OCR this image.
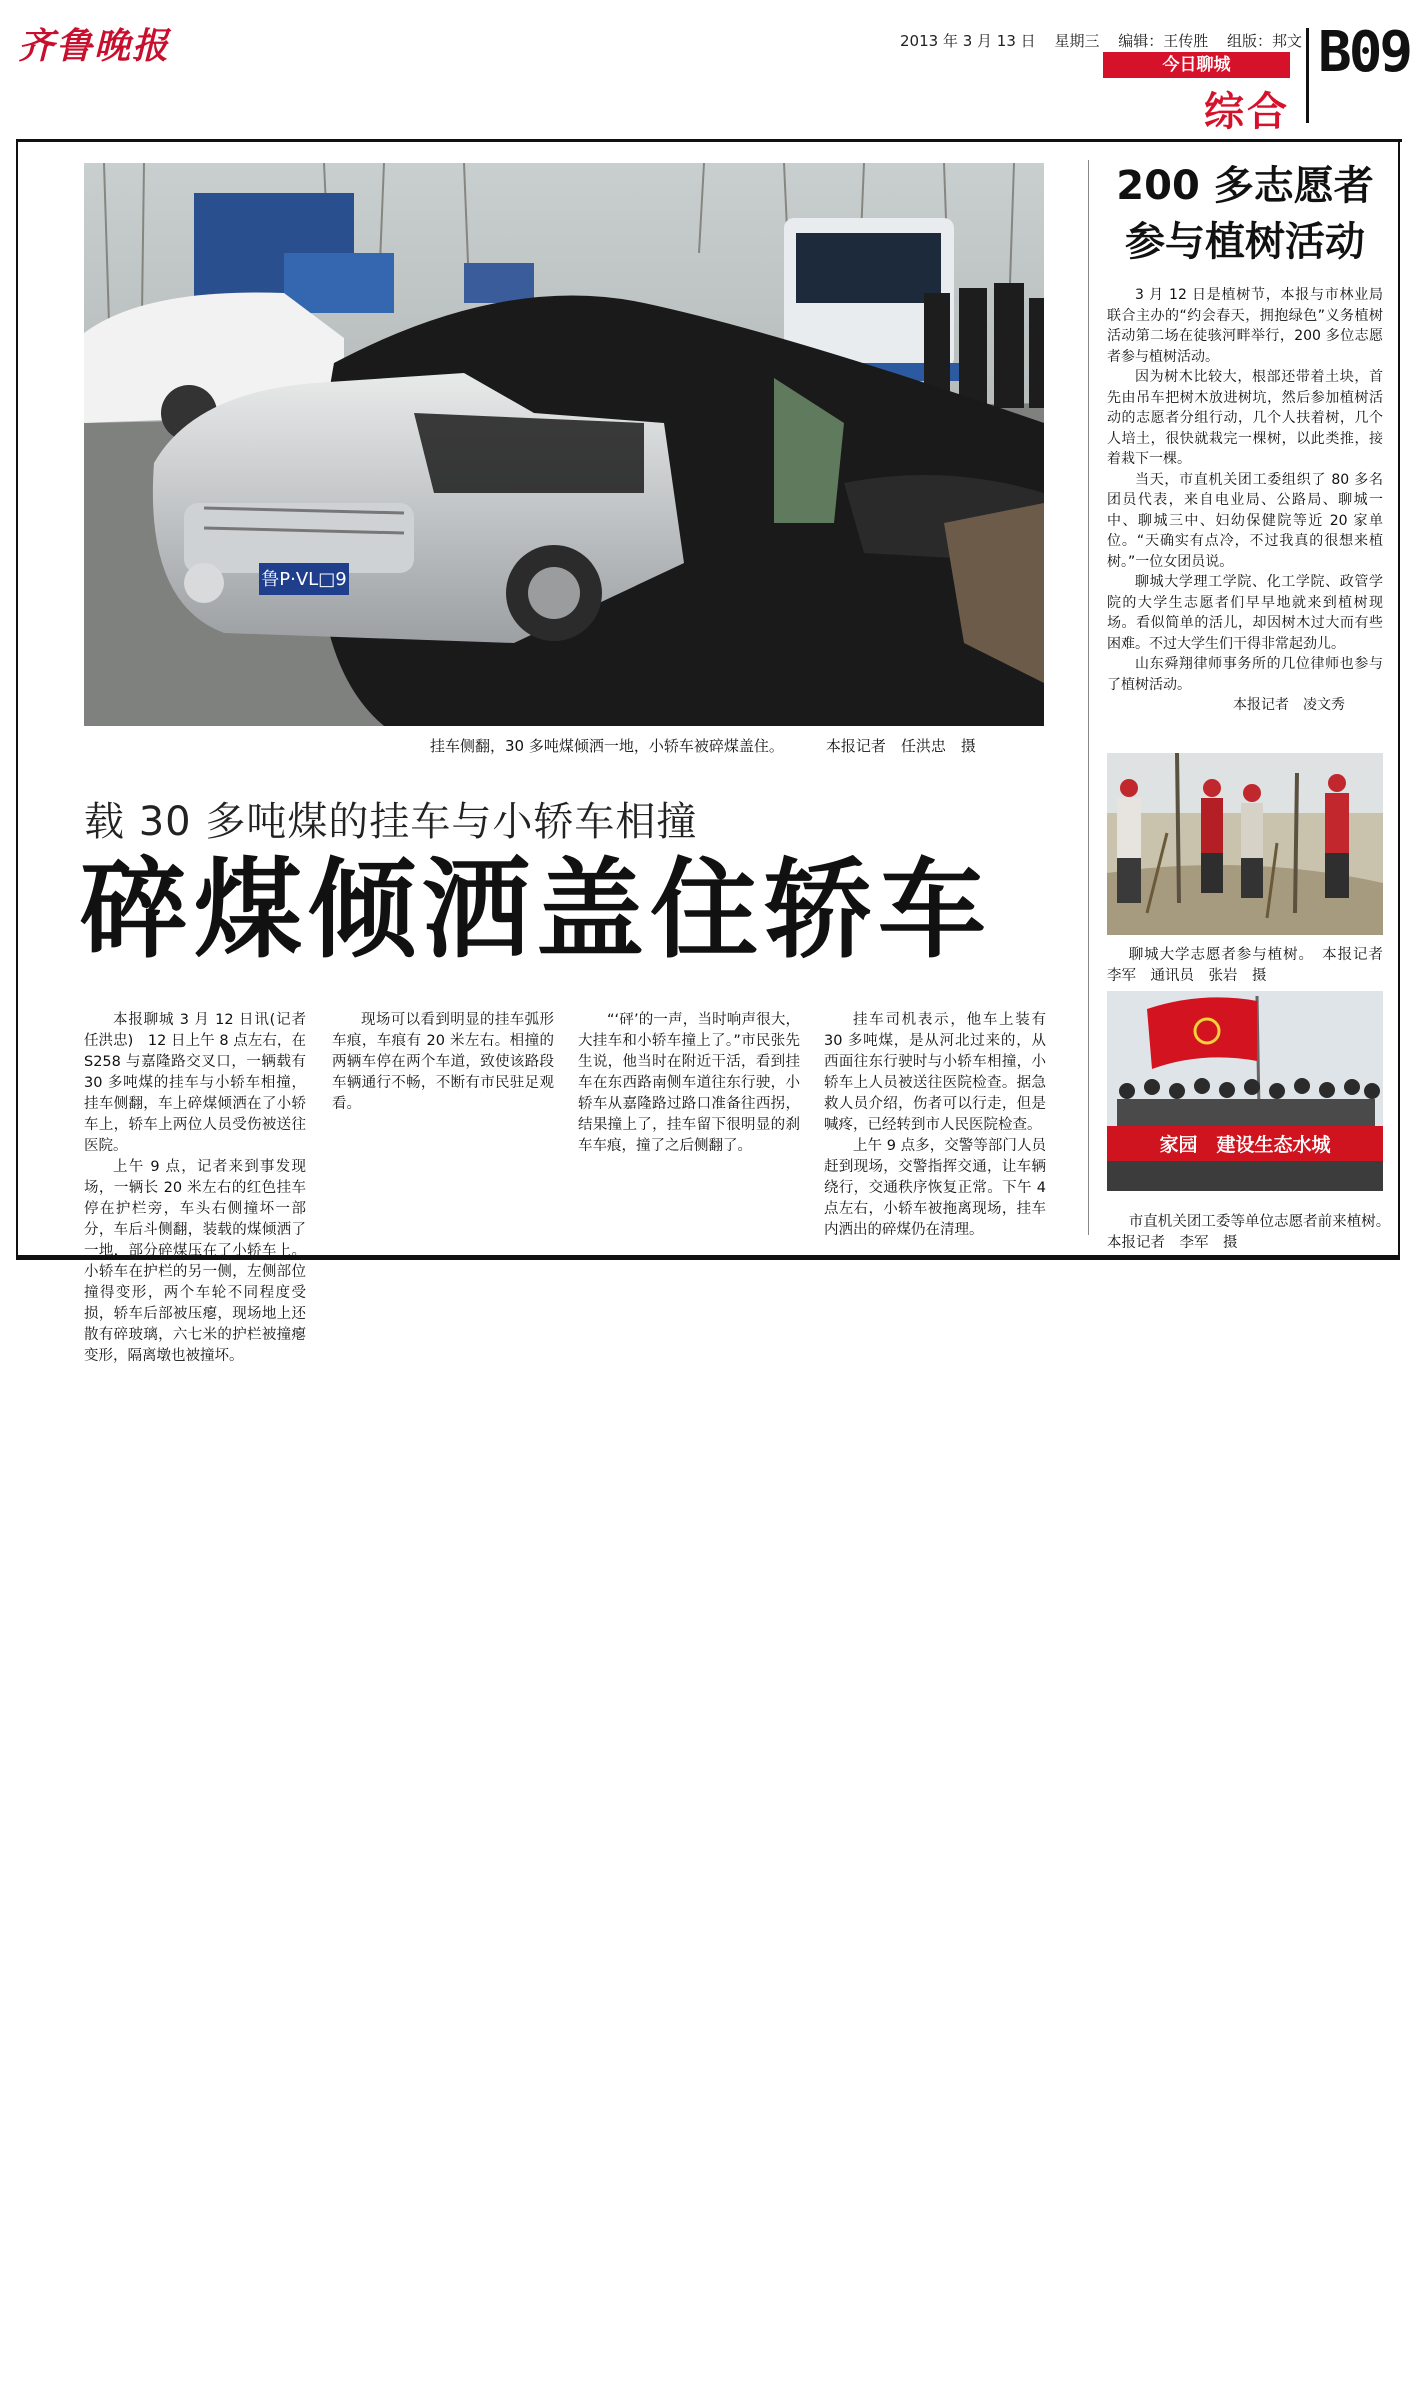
齐鲁晚报	2013 年 3 月 13 日 星期三 编辑：王传胜 组版：邦文
今日聊城
综合
B09
鲁P·VL□9
挂车侧翻，30 多吨煤倾洒一地，小轿车被碎煤盖住。	本报记者　任洪忠　摄
载 30 多吨煤的挂车与小轿车相撞
碎煤倾洒盖住轿车

本报聊城 3 月 12 日讯(记者　任洪忠)　12 日上午 8 点左右，在 S258 与嘉隆路交叉口，一辆载有 30 多吨煤的挂车与小轿车相撞，挂车侧翻，车上碎煤倾洒在了小轿车上，轿车上两位人员受伤被送往医院。

上午 9 点，记者来到事发现场，一辆长 20 米左右的红色挂车停在护栏旁，车头右侧撞坏一部分，车后斗侧翻，装载的煤倾洒了一地，部分碎煤压在了小轿车上。小轿车在护栏的另一侧，左侧部位撞得变形，两个车轮不同程度受损，轿车后部被压瘪，现场地上还散有碎玻璃，六七米的护栏被撞瘪变形，隔离墩也被撞坏。

现场可以看到明显的挂车弧形车痕，车痕有 20 米左右。相撞的两辆车停在两个车道，致使该路段车辆通行不畅，不断有市民驻足观看。

“‘砰’的一声，当时响声很大，大挂车和小轿车撞上了。”市民张先生说，他当时在附近干活，看到挂车在东西路南侧车道往东行驶，小轿车从嘉隆路过路口准备往西拐，结果撞上了，挂车留下很明显的刹车车痕，撞了之后侧翻了。

挂车司机表示，他车上装有 30 多吨煤，是从河北过来的，从西面往东行驶时与小轿车相撞，小轿车上人员被送往医院检查。据急救人员介绍，伤者可以行走，但是喊疼，已经转到市人民医院检查。

上午 9 点多，交警等部门人员赶到现场，交警指挥交通，让车辆绕行，交通秩序恢复正常。下午 4 点左右，小轿车被拖离现场，挂车内洒出的碎煤仍在清理。

200 多志愿者
参与植树活动

3 月 12 日是植树节，本报与市林业局联合主办的“约会春天，拥抱绿色”义务植树活动第二场在徒骇河畔举行，200 多位志愿者参与植树活动。

因为树木比较大，根部还带着土块，首先由吊车把树木放进树坑，然后参加植树活动的志愿者分组行动，几个人扶着树，几个人培土，很快就栽完一棵树，以此类推，接着栽下一棵。

当天，市直机关团工委组织了 80 多名团员代表，来自电业局、公路局、聊城一中、聊城三中、妇幼保健院等近 20 家单位。“天确实有点冷，不过我真的很想来植树。”一位女团员说。

聊城大学理工学院、化工学院、政管学院的大学生志愿者们早早地就来到植树现场。看似简单的活儿，却因树木过大而有些困难。不过大学生们干得非常起劲儿。

山东舜翔律师事务所的几位律师也参与了植树活动。

本报记者　凌文秀
聊城大学志愿者参与植树。　本报记者　李军　通讯员　张岩　摄
家园　建设生态水城
市直机关团工委等单位志愿者前来植树。　本报记者　李军　摄
